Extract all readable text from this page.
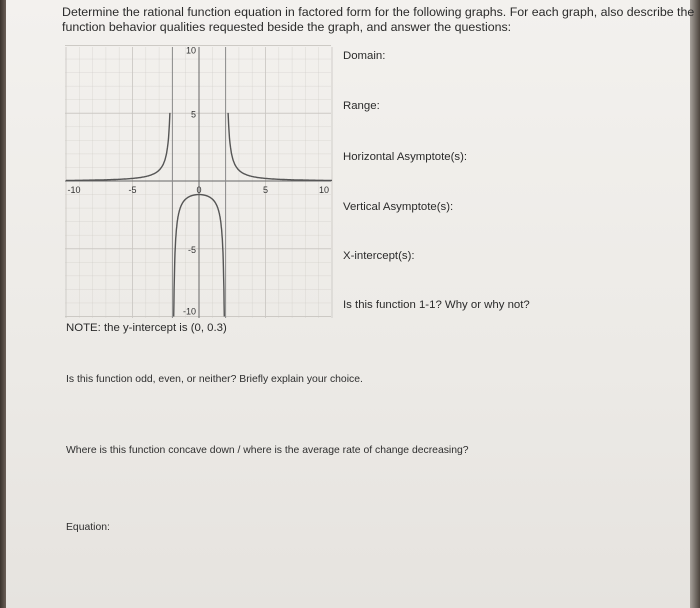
Determine the rational function equation in factored form for the following graphs. For each graph, also describe the
function behavior qualities requested beside the graph, and answer the questions:
-10	-5	0	5	10
10
5
-5
-10
Domain:
Range:
Horizontal Asymptote(s):
Vertical Asymptote(s):
X-intercept(s):
Is this function 1-1? Why or why not?
NOTE: the y-intercept is (0, 0.3)
Is this function odd, even, or neither? Briefly explain your choice.
Where is this function concave down / where is the average rate of change decreasing?
Equation:
